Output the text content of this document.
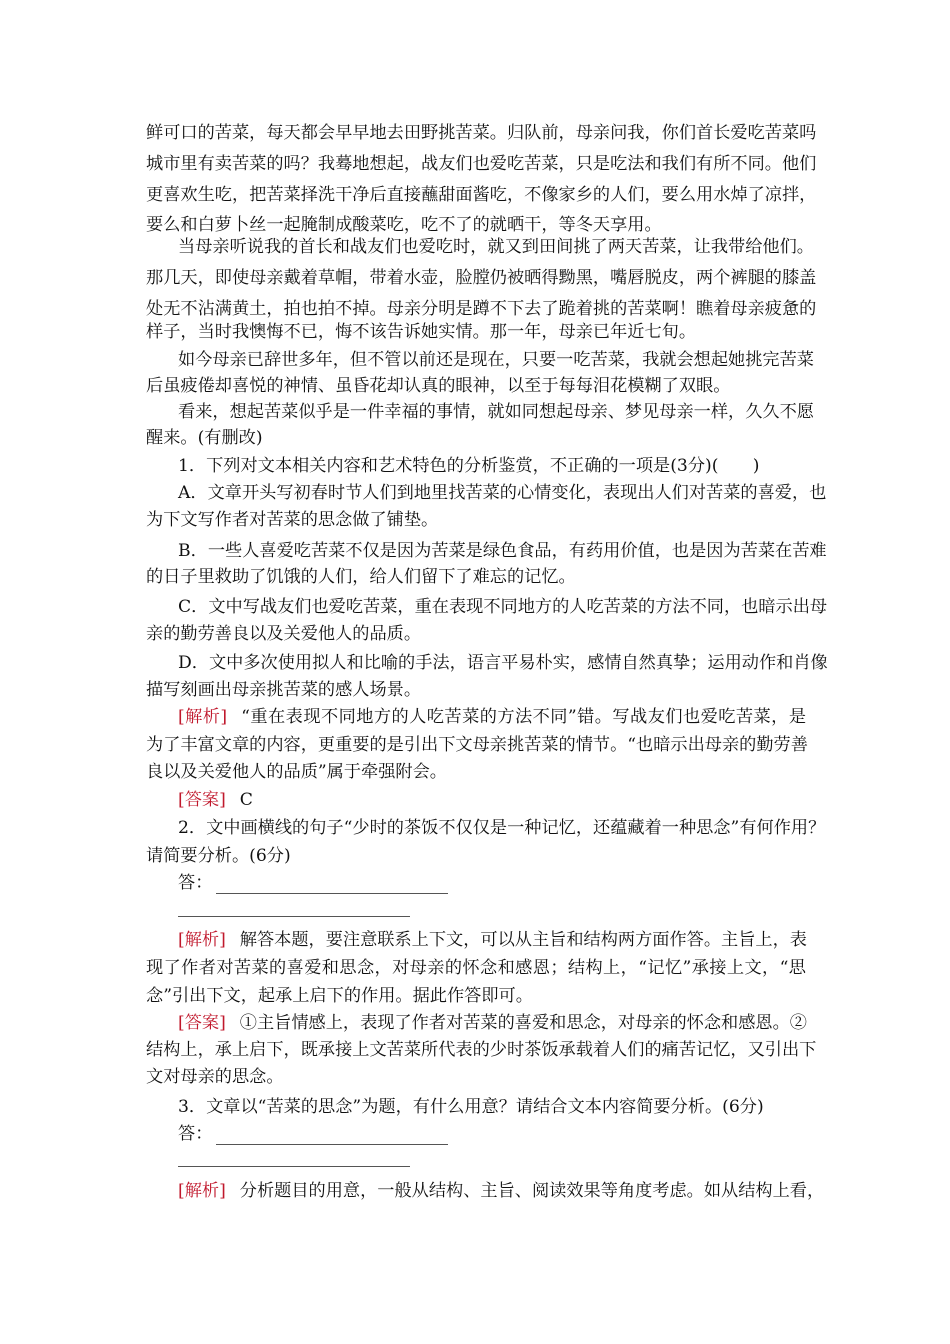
鲜可口的苦菜，每天都会早早地去田野挑苦菜。归队前，母亲问我，你们首长爱吃苦菜吗
城市里有卖苦菜的吗？我蓦地想起，战友们也爱吃苦菜，只是吃法和我们有所不同。他们
更喜欢生吃，把苦菜择洗干净后直接蘸甜面酱吃，不像家乡的人们，要么用水焯了凉拌，
要么和白萝卜丝一起腌制成酸菜吃，吃不了的就晒干，等冬天享用。
当母亲听说我的首长和战友们也爱吃时，就又到田间挑了两天苦菜，让我带给他们。
那几天，即使母亲戴着草帽，带着水壶，脸膛仍被晒得黝黑，嘴唇脱皮，两个裤腿的膝盖
处无不沾满黄土，拍也拍不掉。母亲分明是蹲不下去了跪着挑的苦菜啊！瞧着母亲疲惫的
样子，当时我懊悔不已，悔不该告诉她实情。那一年，母亲已年近七旬。
如今母亲已辞世多年，但不管以前还是现在，只要一吃苦菜，我就会想起她挑完苦菜
后虽疲倦却喜悦的神情、虽昏花却认真的眼神，以至于每每泪花模糊了双眼。
看来，想起苦菜似乎是一件幸福的事情，就如同想起母亲、梦见母亲一样，久久不愿
醒来。(有删改)
1．下列对文本相关内容和艺术特色的分析鉴赏，不正确的一项是(3分)(　　)
A．文章开头写初春时节人们到地里找苦菜的心情变化，表现出人们对苦菜的喜爱，也
为下文写作者对苦菜的思念做了铺垫。
B．一些人喜爱吃苦菜不仅是因为苦菜是绿色食品，有药用价值，也是因为苦菜在苦难
的日子里救助了饥饿的人们，给人们留下了难忘的记忆。
C．文中写战友们也爱吃苦菜，重在表现不同地方的人吃苦菜的方法不同，也暗示出母
亲的勤劳善良以及关爱他人的品质。
D．文中多次使用拟人和比喻的手法，语言平易朴实，感情自然真挚；运用动作和肖像
描写刻画出母亲挑苦菜的感人场景。
[解析] “重在表现不同地方的人吃苦菜的方法不同”错。写战友们也爱吃苦菜，是
为了丰富文章的内容，更重要的是引出下文母亲挑苦菜的情节。“也暗示出母亲的勤劳善
良以及关爱他人的品质”属于牵强附会。
[答案] C
2．文中画横线的句子“少时的茶饭不仅仅是一种记忆，还蕴藏着一种思念”有何作用？
请简要分析。(6分)
答：
[解析] 解答本题，要注意联系上下文，可以从主旨和结构两方面作答。主旨上，表
现了作者对苦菜的喜爱和思念，对母亲的怀念和感恩；结构上，“记忆”承接上文，“思
念”引出下文，起承上启下的作用。据此作答即可。
[答案] ①主旨情感上，表现了作者对苦菜的喜爱和思念，对母亲的怀念和感恩。②
结构上，承上启下，既承接上文苦菜所代表的少时茶饭承载着人们的痛苦记忆，又引出下
文对母亲的思念。
3．文章以“苦菜的思念”为题，有什么用意？请结合文本内容简要分析。(6分)
答：
[解析] 分析题目的用意，一般从结构、主旨、阅读效果等角度考虑。如从结构上看，
